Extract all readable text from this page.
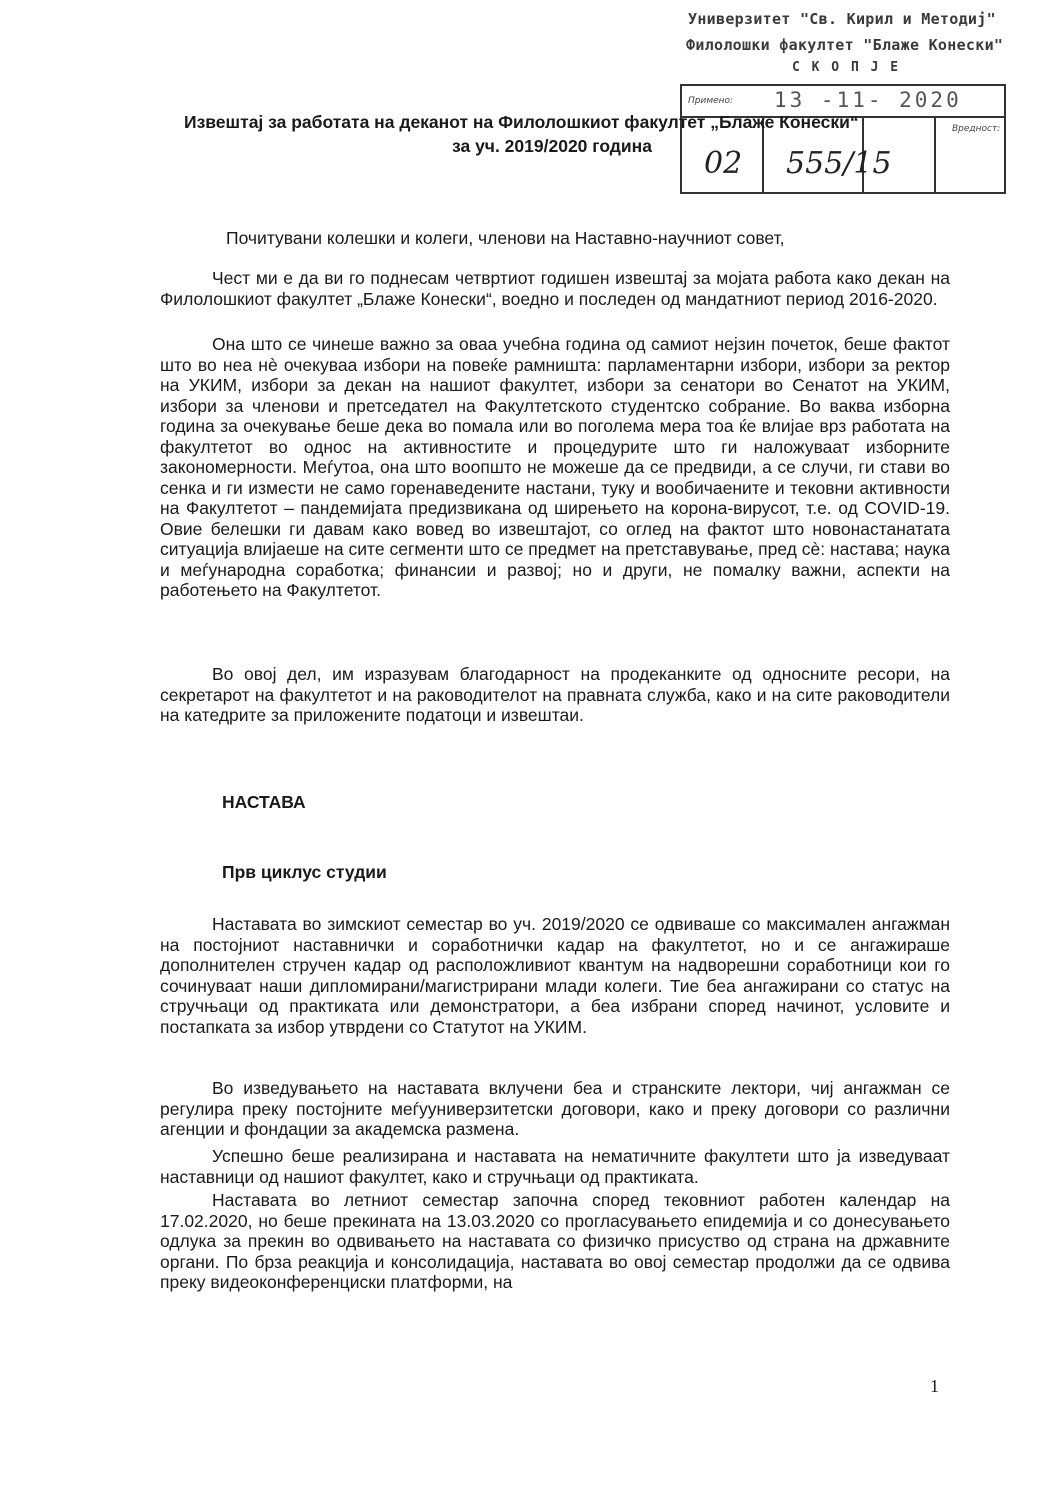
Универзитет "Св. Кирил и Методиј"
Филолошки факултет "Блаже Конески"
С К О П Ј Е
Примено: 13 -11- 2020
Вредност:
02 555/15
Извештај за работата на деканот на Филолошкиот факултет „Блаже Конески“
за уч. 2019/2020 година
Почитувани колешки и колеги, членови на Наставно-научниот совет,
Чест ми е да ви го поднесам четвртиот годишен извештај за мојата работа како декан на Филолошкиот факултет „Блаже Конески“, воедно и последен од мандатниот период 2016-2020.
Она што се чинеше важно за оваа учебна година од самиот нејзин почеток, беше фактот што во неа нè очекуваа избори на повеќе рамништа: парламентарни избори, избори за ректор на УКИМ, избори за декан на нашиот факултет, избори за сенатори во Сенатот на УКИМ, избори за членови и претседател на Факултетското студентско собрание. Во ваква изборна година за очекување беше дека во помала или во поголема мера тоа ќе влијае врз работата на факултетот во однос на активностите и процедурите што ги наложуваат изборните закономерности. Меѓутоа, она што воопшто не можеше да се предвиди, а се случи, ги стави во сенка и ги измести не само горенаведените настани, туку и вообичаените и тековни активности на Факултетот – пандемијата предизвикана од ширењето на корона-вирусот, т.е. од COVID-19. Овие белешки ги давам како вовед во извештајот, со оглед на фактот што новонастанатата ситуација влијаеше на сите сегменти што се предмет на претставување, пред сè: настава; наука и меѓународна соработка; финансии и развој; но и други, не помалку важни, аспекти на работењето на Факултетот.
Во овој дел, им изразувам благодарност на продеканките од односните ресори, на секретарот на факултетот и на раководителот на правната служба, како и на сите раководители на катедрите за приложените податоци и извештаи.
НАСТАВА
Прв циклус студии
Наставата во зимскиот семестар во уч. 2019/2020 се одвиваше со максимален ангажман на постојниот наставнички и соработнички кадар на факултетот, но и се ангажираше дополнителен стручен кадар од расположливиот квантум на надворешни соработници кои го сочинуваат наши дипломирани/магистрирани млади колеги. Тие беа ангажирани со статус на стручњаци од практиката или демонстратори, а беа избрани според начинот, условите и постапката за избор утврдени со Статутот на УКИМ.
Во изведувањето на наставата вклучени беа и странските лектори, чиј ангажман се регулира преку постојните меѓууниверзитетски договори, како и преку договори со различни агенции и фондации за академска размена.
Успешно беше реализирана и наставата на нематичните факултети што ја изведуваат наставници од нашиот факултет, како и стручњаци од практиката.
Наставата во летниот семестар започна според тековниот работен календар на 17.02.2020, но беше прекината на 13.03.2020 со прогласувањето епидемија и со донесувањето одлука за прекин во одвивањето на наставата со физичко присуство од страна на државните органи. По брза реакција и консолидација, наставата во овој семестар продолжи да се одвива преку видеоконференциски платформи, на
1
